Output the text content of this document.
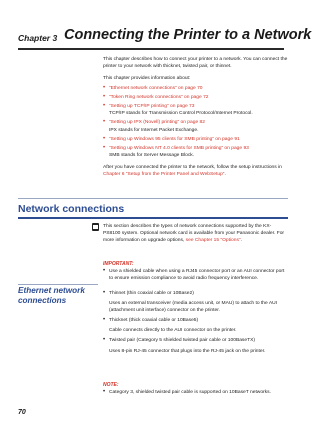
Chapter 3 Connecting the Printer to a Network
This chapter describes how to connect your printer to a network. You can connect the printer to your network with thicknet, twisted pair, or thinnet.
This chapter provides information about:
• “Ethernet network connections” on page 70
• “Token Ring network connections” on page 72
• “Setting up TCP/IP printing” on page 73
TCP/IP stands for Transmission Control Protocol/Internet Protocol.
• “Setting up IPX (Novell) printing” on page 82
IPX stands for Internet Packet Exchange.
• “Setting up Windows 95 clients for SMB printing” on page 91
• “Setting up Windows NT 4.0 clients for SMB printing” on page 93
SMB stands for Server Message Block.
After you have connected the printer to the network, follow the setup instructions in Chapter 6 “Setup from the Printer Panel and WebSetup”.
Network connections
This section describes the types of network connections supported by the KX-PS8100 system. Optional network card is available from your Panasonic dealer. For more information on upgrade options, see Chapter 15 “Options”.
IMPORTANT:
• Use a shielded cable when using a RJ45 connector port or an AUI connector port to ensure emission compliance to avoid radio frequency interference.
Ethernet network
connections
• Thinnet (thin coaxial cable or 10Base2)
Uses an external transceiver (media access unit, or MAU) to attach to the AUI (attachment unit interface) connector on the printer.
• Thicknet (thick coaxial cable or 10Base5)
Cable connects directly to the AUI connector on the printer.
• Twisted pair (Category 5 shielded twisted pair cable or 100BaseTX)
Uses 8-pin RJ-45 connector that plugs into the RJ-45 jack on the printer.
NOTE:
• Category 3, shielded twisted pair cable is supported on 10BaseT networks.
70
